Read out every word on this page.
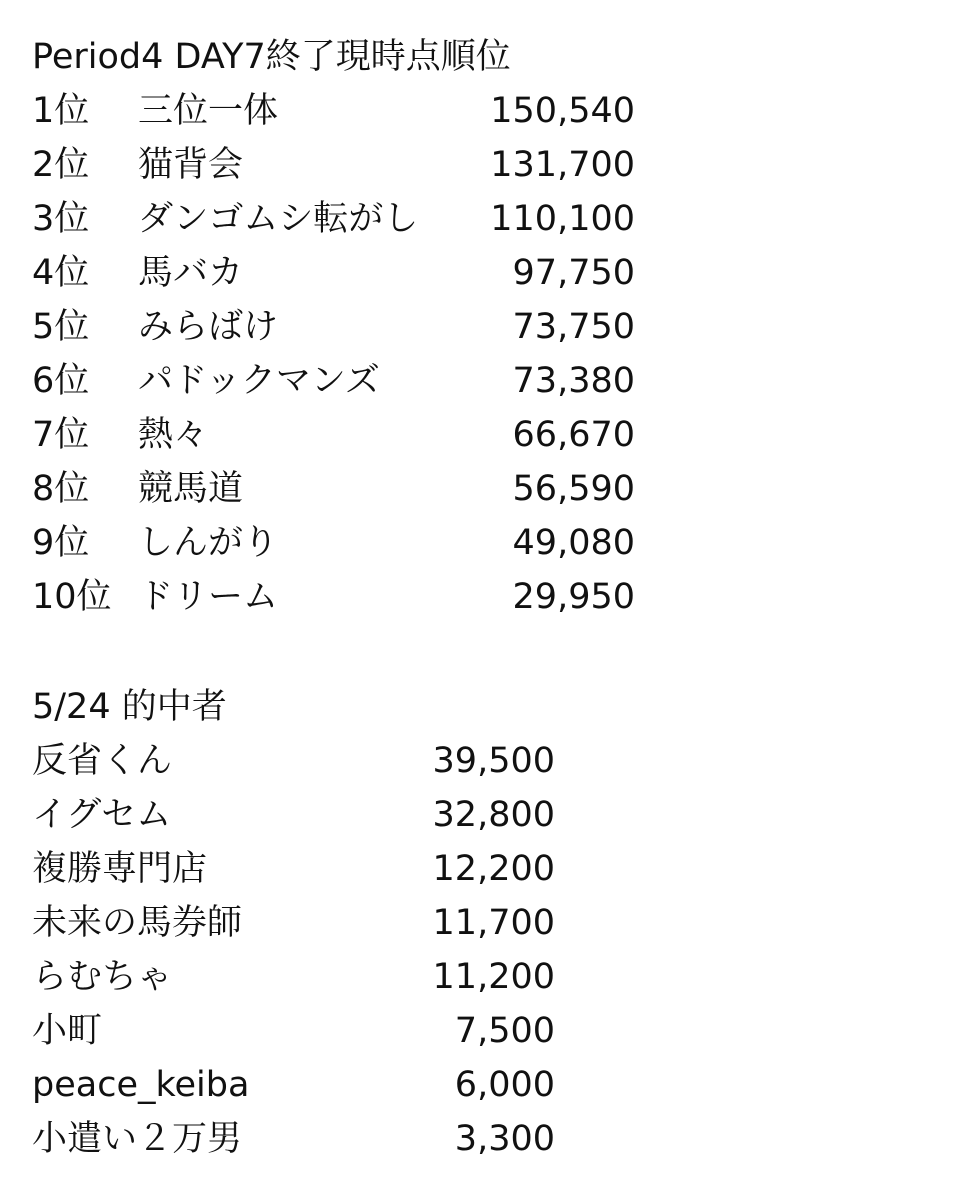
Period4 DAY7終了現時点順位
1位 三位一体	150,540
2位 猫背会	131,700
3位 ダンゴムシ転がし 110,100
4位 馬バカ	97,750
5位 みらばけ	73,750
6位 パドックマンズ	73,380
7位 熱々	66,670
8位 競馬道	56,590
9位 しんがり	49,080
10位 ドリーム	29,950
5/24 的中者
反省くん	39,500
イグセム	32,800
複勝専門店	12,200
未来の馬券師	11,700
らむちゃ	11,200
小町	7,500
peace_keiba	6,000
小遣い２万男	3,300
